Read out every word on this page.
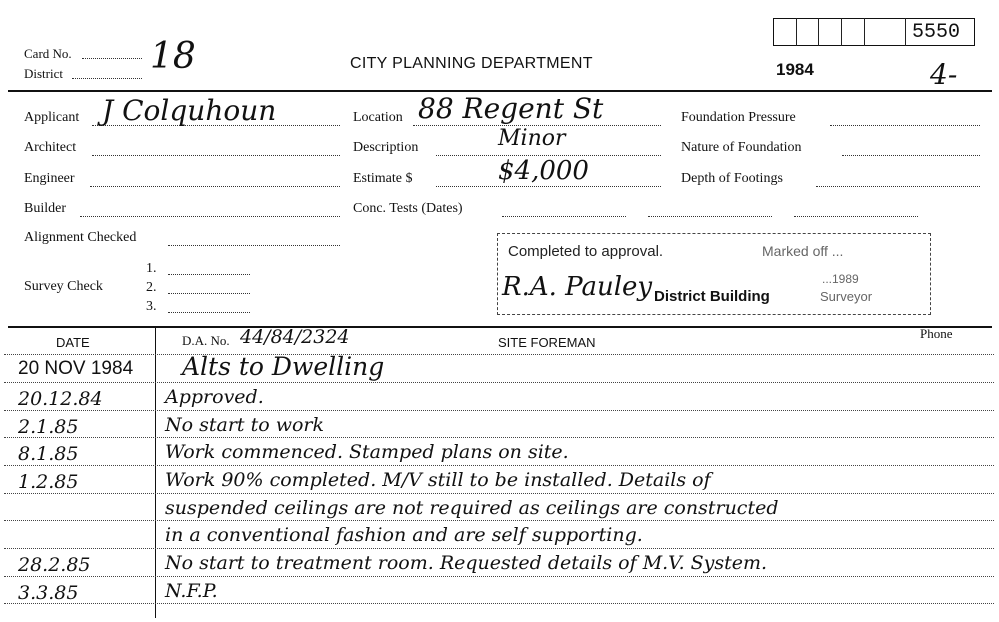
Card No.
District 18	CITY PLANNING DEPARTMENT
5550
1984	4-
Applicant J Colquhoun
Architect
Engineer
Builder
Alignment Checked
Survey Check
1.
2.
3.
Location 88 Regent St
Description	Minor
Estimate $	$4,000
Conc. Tests (Dates)
Foundation Pressure
Nature of Foundation
Depth of Footings
Completed to approval.	Marked off ...
R.A. Pauley District Building	Surveyor
...1989
DATE	D.A. No. 44/84/2324	SITE FOREMAN
Phone
20 NOV 1984 Alts to Dwelling
20.12.84	Approved.
2.1.85	No start to work
8.1.85	Work commenced. Stamped plans on site.
1.2.85	Work 90% completed. M/V still to be installed. Details of
suspended ceilings are not required as ceilings are constructed
in a conventional fashion and are self supporting.
28.2.85	No start to treatment room. Requested details of M.V. System.
3.3.85	N.F.P.
